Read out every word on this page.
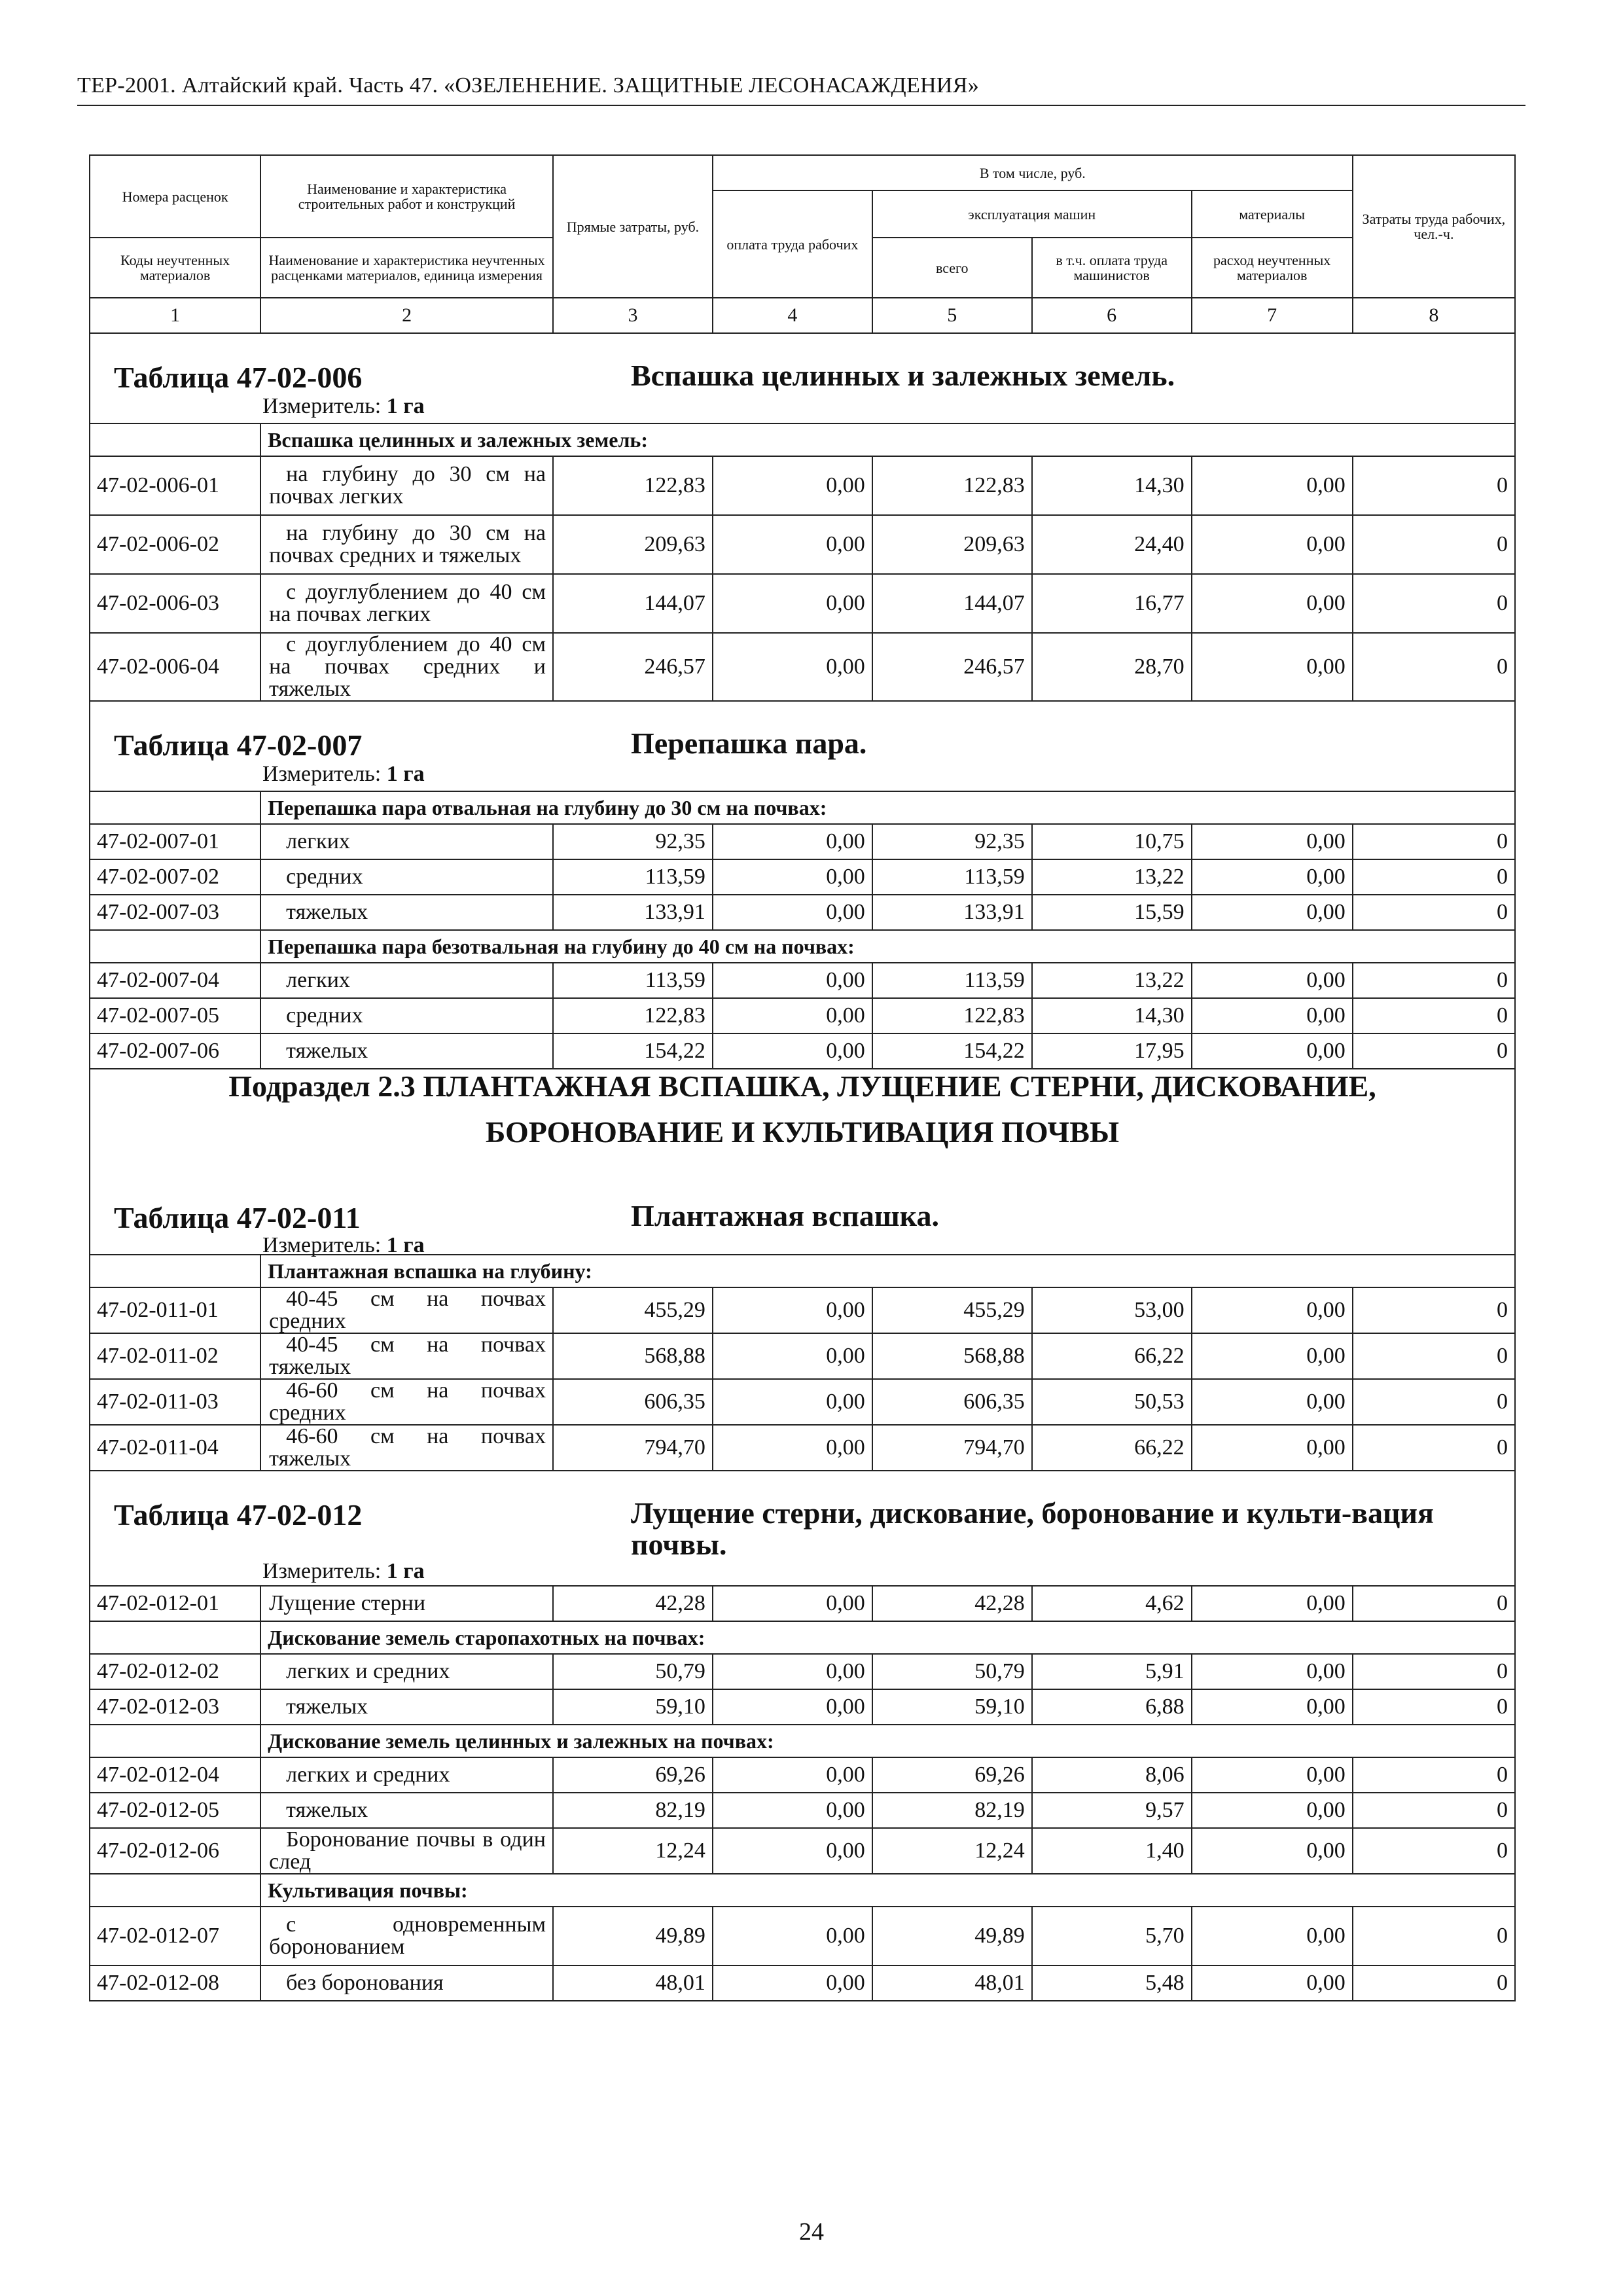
ТЕР-2001. Алтайский край. Часть 47. «ОЗЕЛЕНЕНИЕ. ЗАЩИТНЫЕ ЛЕСОНАСАЖДЕНИЯ»
Номера расценок	Наименование и характеристика строительных работ и конструкций	Прямые затраты, руб.	В том числе, руб.				Затраты труда рабочих, чел.-ч.
			оплата труда рабочих	эксплуатация машин		материалы	
Коды неучтенных материалов	Наименование и характеристика неучтенных расценками материалов, единица измерения			всего	в т.ч. оплата труда машинистов	расход неучтенных материалов	
1	2	3	4	5	6	7	8

Таблица 47-02-006 Вспашка целинных и залежных земель.
Измеритель: 1 га							

	Вспашка целинных и залежных земель:						
47-02-006-01	на глубину до 30 см на почвах легких	122,83	0,00	122,83	14,30	0,00	0
47-02-006-02	на глубину до 30 см на почвах средних и тяжелых	209,63	0,00	209,63	24,40	0,00	0
47-02-006-03	с доуглублением до 40 см на почвах легких	144,07	0,00	144,07	16,77	0,00	0
47-02-006-04	с доуглублением до 40 см на почвах средних и тяжелых	246,57	0,00	246,57	28,70	0,00	0

Таблица 47-02-007 Перепашка пара.
Измеритель: 1 га							

	Перепашка пара отвальная на глубину до 30 см на почвах:						
47-02-007-01	легких	92,35	0,00	92,35	10,75	0,00	0
47-02-007-02	средних	113,59	0,00	113,59	13,22	0,00	0
47-02-007-03	тяжелых	133,91	0,00	133,91	15,59	0,00	0
	Перепашка пара безотвальная на глубину до 40 см на почвах:						
47-02-007-04	легких	113,59	0,00	113,59	13,22	0,00	0
47-02-007-05	средних	122,83	0,00	122,83	14,30	0,00	0
47-02-007-06	тяжелых	154,22	0,00	154,22	17,95	0,00	0

Подраздел 2.3 ПЛАНТАЖНАЯ ВСПАШКА, ЛУЩЕНИЕ СТЕРНИ, ДИСКОВАНИЕ,
БОРОНОВАНИЕ И КУЛЬТИВАЦИЯ ПОЧВЫ							

Таблица 47-02-011 Плантажная вспашка.
Измеритель: 1 га							

	Плантажная вспашка на глубину:						
47-02-011-01	40-45 см на почвах средних	455,29	0,00	455,29	53,00	0,00	0
47-02-011-02	40-45 см на почвах тяжелых	568,88	0,00	568,88	66,22	0,00	0
47-02-011-03	46-60 см на почвах средних	606,35	0,00	606,35	50,53	0,00	0
47-02-011-04	46-60 см на почвах тяжелых	794,70	0,00	794,70	66,22	0,00	0

Таблица 47-02-012 Лущение стерни, дискование, боронование и культи-вация почвы.
Измеритель: 1 га							

47-02-012-01	Лущение стерни	42,28	0,00	42,28	4,62	0,00	0
	Дискование земель старопахотных на почвах:						
47-02-012-02	легких и средних	50,79	0,00	50,79	5,91	0,00	0
47-02-012-03	тяжелых	59,10	0,00	59,10	6,88	0,00	0
	Дискование земель целинных и залежных на почвах:						
47-02-012-04	легких и средних	69,26	0,00	69,26	8,06	0,00	0
47-02-012-05	тяжелых	82,19	0,00	82,19	9,57	0,00	0
47-02-012-06	Боронование почвы в один след	12,24	0,00	12,24	1,40	0,00	0
	Культивация почвы:						
47-02-012-07	с одновременным боронованием	49,89	0,00	49,89	5,70	0,00	0
47-02-012-08	без боронования	48,01	0,00	48,01	5,48	0,00	0
24
